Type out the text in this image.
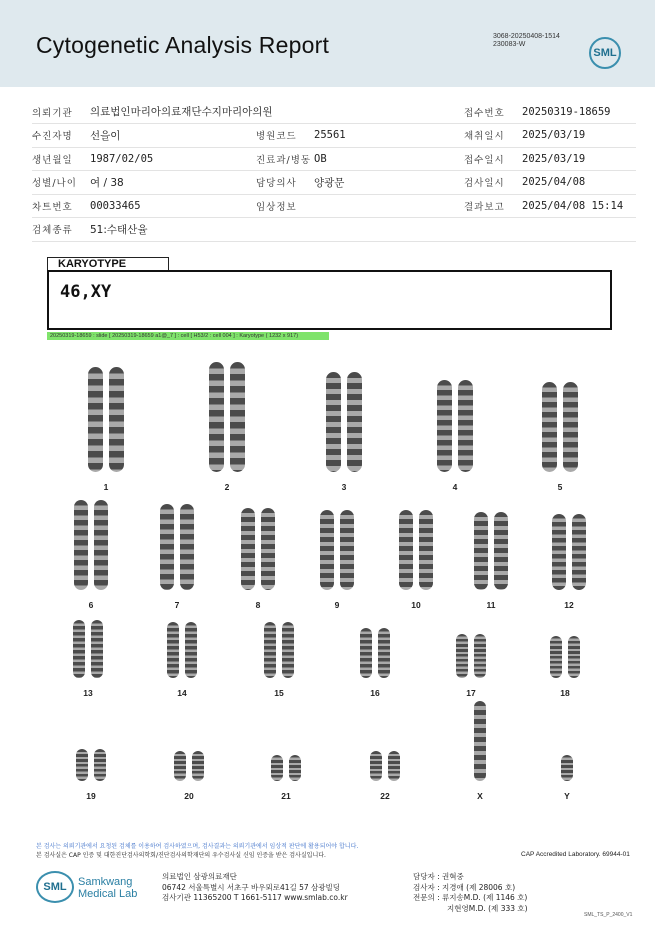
Cytogenetic Analysis Report	3068-20250408-1514
230083-W
SML
의뢰기관	의료법인마리아의료재단수지마리아의원			접수번호	20250319-18659
수진자명	선을이	병원코드	25561	채취일시	2025/03/19
생년월일	1987/02/05	진료과/병동	OB	접수일시	2025/03/19
성별/나이	여 / 38	담당의사	양광문	검사일시	2025/04/08
차트번호	00033465	임상정보		결과보고	2025/04/08 15:14
검체종류	51:수태산율				
KARYOTYPE
46,XY
20250319-18659 : slide [ 20250319-18659 a1@_7 ] : cell [ H53/2 : cell 004 ] : Karyotype ( 1232 x 917)
1	2	3	4	5
6	7	8	9	10	11	12
13	14	15	16	17	18
19	20	21	22	X	Y
본 검사는 의뢰기관에서 요청된 검체를 이용하여 검사하였으며, 검사결과는 의뢰기관에서 임상적 판단에 활용되어야 합니다.
본 검사실은 CAP 인증 및 대한진단검사의학회/진단검사의학재단의 우수검사실 신임 인증을 받은 검사실입니다.	CAP Accredited Laboratory. 69944-01
SML	Samkwang
Medical Lab
의료법인 삼광의료재단
06742 서울특별시 서초구 바우뫼로41길 57 삼광빌딩
검사기관 11365200 T 1661-5117 www.smlab.co.kr
담당자 : 권혁중
검사자 : 지경애 (제 28006 호)
전문의 : 류지송M.D. (제 1146 호)
지현영M.D. (제 333 호)
SML_TS_P_2400_V1
